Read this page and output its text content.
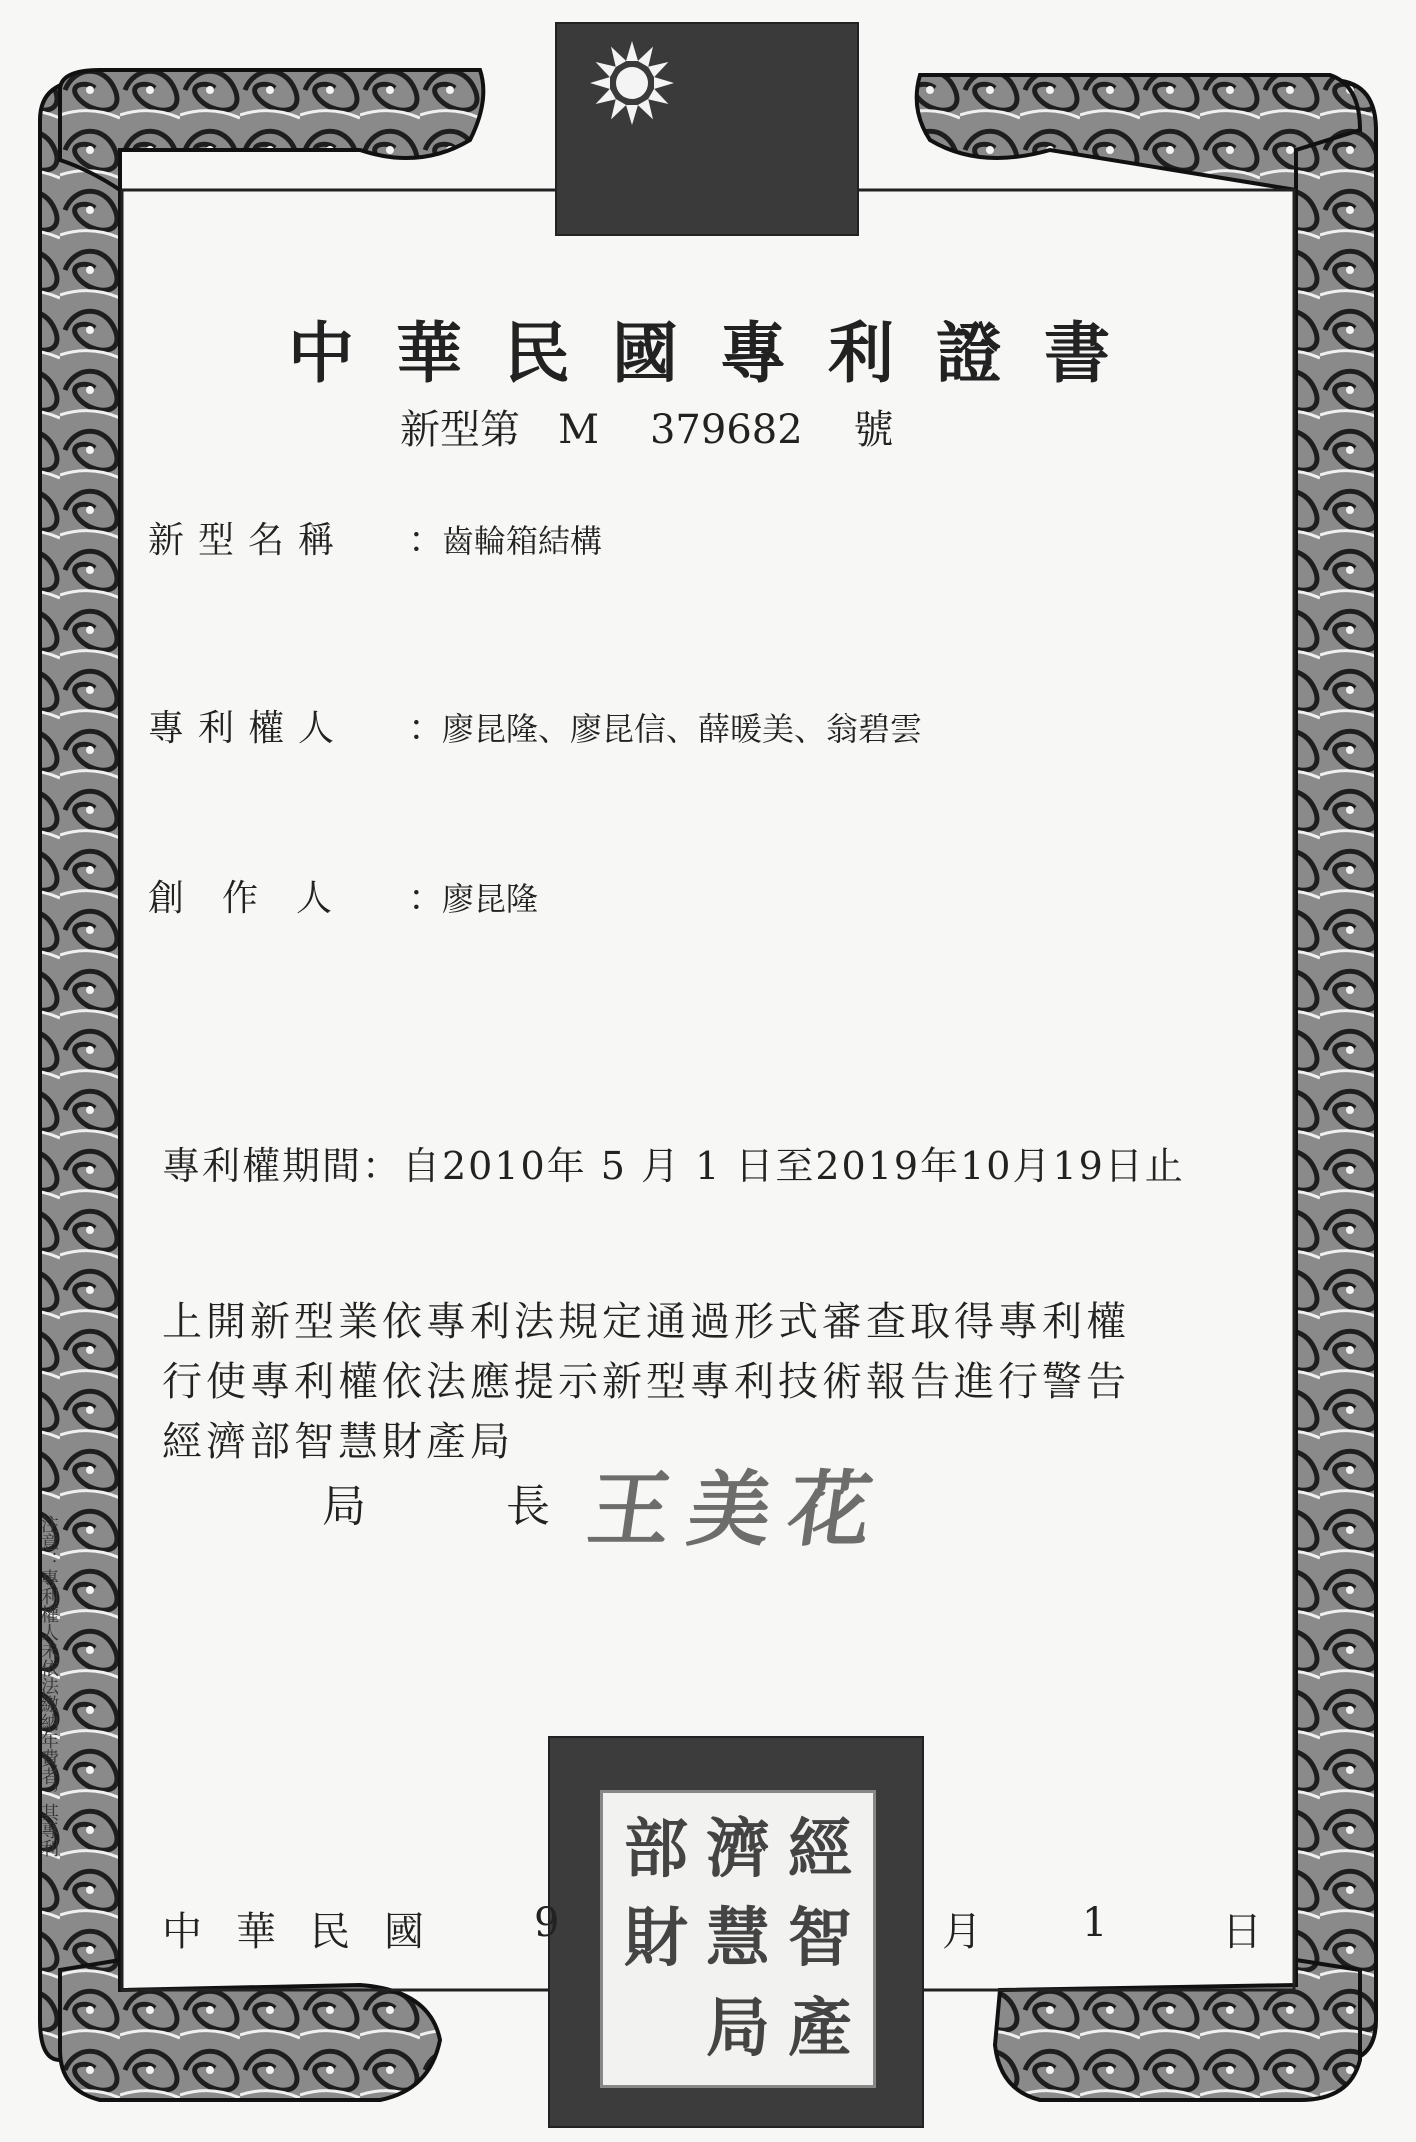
中華民國專利證書
新型第 M 379682 號
新型名稱 ：齒輪箱結構
專利權人 ：廖昆隆、廖昆信、薛暖美、翁碧雲
創作人 ：廖昆隆
專利權期間：自2010年 5 月 1 日至2019年10月19日止
上開新型業依專利法規定通過形式審查取得專利權
行使專利權依法應提示新型專利技術報告進行警告
經濟部智慧財產局
局長
王美花
注意：專利權人未依法繳納年費者，其專利	部 濟 經
財 慧 智
局 產
中華民國 9	月	1	日
